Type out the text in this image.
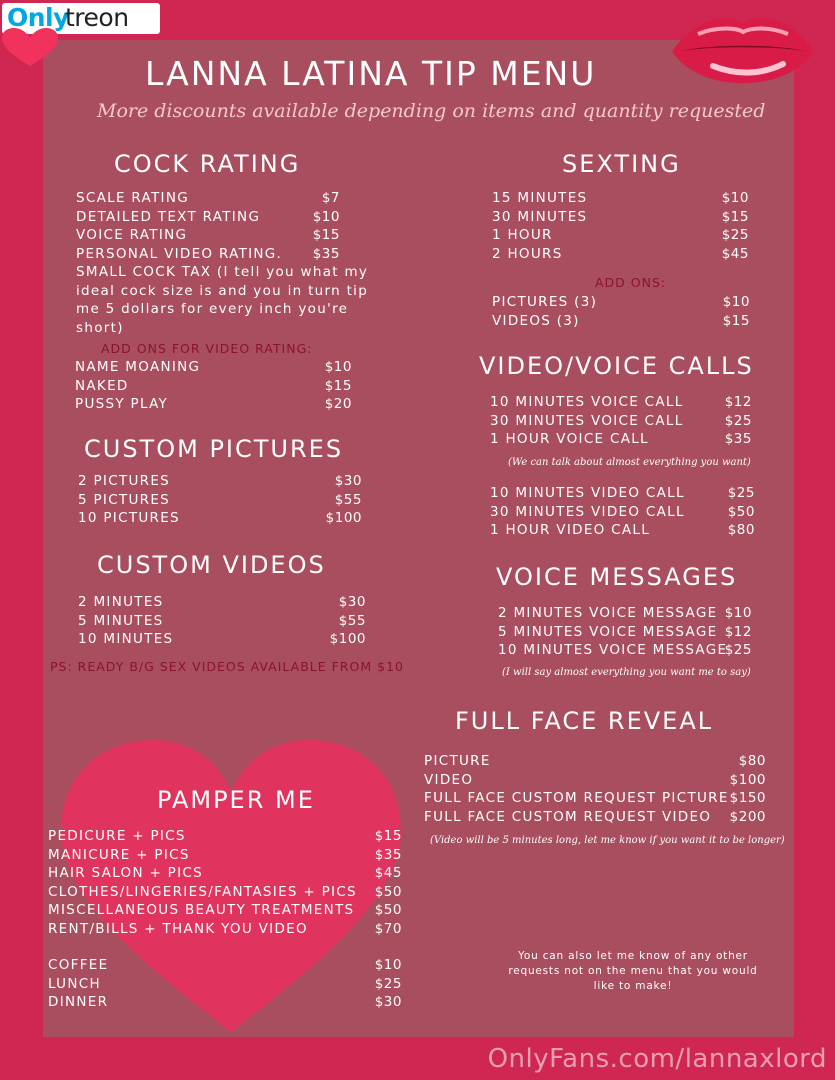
Only
treon
LANNA LATINA TIP MENU
More discounts available depending on items and quantity requested
COCK RATING
SCALE RATING	$7
DETAILED TEXT RATING	$10
VOICE RATING	$15
PERSONAL VIDEO RATING.	$35
SMALL COCK TAX (I tell you what my
ideal cock size is and you in turn tip
me 5 dollars for every inch you're
short)
ADD ONS FOR VIDEO RATING:
NAME MOANING	$10
NAKED	$15
PUSSY PLAY	$20
CUSTOM PICTURES
2 PICTURES	$30
5 PICTURES	$55
10 PICTURES	$100
CUSTOM VIDEOS
2 MINUTES	$30
5 MINUTES	$55
10 MINUTES	$100
PS: READY B/G SEX VIDEOS AVAILABLE FROM $10
SEXTING
15 MINUTES	$10
30 MINUTES	$15
1 HOUR	$25
2 HOURS	$45
ADD ONS:
PICTURES (3)	$10
VIDEOS (3)	$15
VIDEO/VOICE CALLS
10 MINUTES VOICE CALL	$12
30 MINUTES VOICE CALL	$25
1 HOUR VOICE CALL	$35
(We can talk about almost everything you want)
10 MINUTES VIDEO CALL	$25
30 MINUTES VIDEO CALL	$50
1 HOUR VIDEO CALL	$80
VOICE MESSAGES
2 MINUTES VOICE MESSAGE $10
5 MINUTES VOICE MESSAGE $12
10 MINUTES VOICE MESSAGE
$25
(I will say almost everything you want me to say)
FULL FACE REVEAL
PICTURE	$80
VIDEO	$100
FULL FACE CUSTOM REQUEST PICTURE $150
FULL FACE CUSTOM REQUEST VIDEO	$200
(Video will be 5 minutes long, let me know if you want it to be longer)
PAMPER ME
PEDICURE + PICS	$15
MANICURE + PICS	$35
HAIR SALON + PICS	$45
CLOTHES/LINGERIES/FANTASIES + PICS	$50
MISCELLANEOUS BEAUTY TREATMENTS	$50
RENT/BILLS + THANK YOU VIDEO	$70
COFFEE	$10
LUNCH	$25
DINNER	$30
You can also let me know of any other requests not on the menu that you would like to make!
OnlyFans.com/lannaxlord
